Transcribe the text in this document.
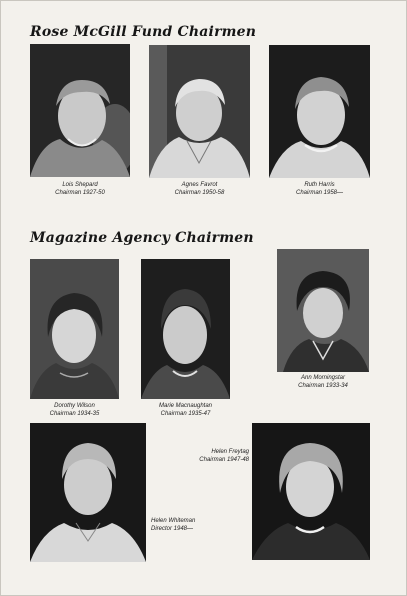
Rose McGill Fund Chairmen
Lois Shepard
Chairman 1927-50
Agnes Favrot
Chairman 1950-58
Ruth Harris
Chairman 1958—
Magazine Agency Chairmen
Dorothy Wilson
Chairman 1934-35
Marie Macnaughtan
Chairman 1935-47
Ann Morningstar
Chairman 1933-34
Helen Whiteman
Director 1948—
Helen Freytag
Chairman 1947-48
